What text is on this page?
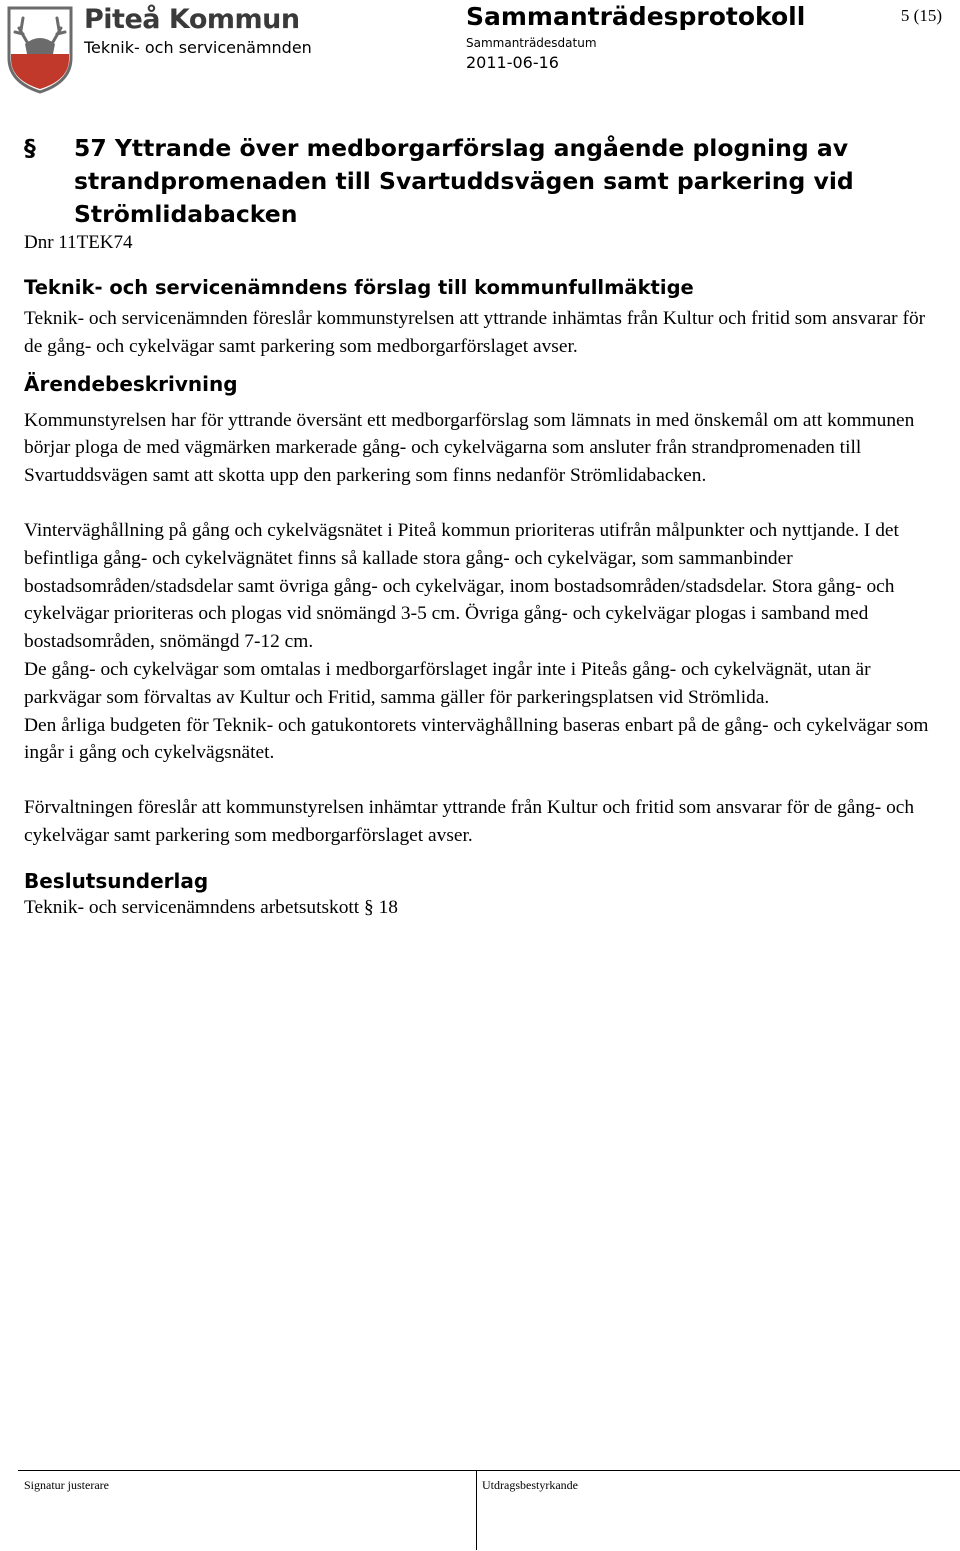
Piteå Kommun
Teknik- och servicenämnden
Sammanträdesprotokoll
Sammanträdesdatum
2011-06-16
5 (15)
§	57 Yttrande över medborgarförslag angående plogning av strandpromenaden till Svartuddsvägen samt parkering vid Strömlidabacken
Dnr 11TEK74
Teknik- och servicenämndens förslag till kommunfullmäktige

Teknik- och servicenämnden föreslår kommunstyrelsen att yttrande inhämtas från Kultur och fritid som ansvarar för de gång- och cykelvägar samt parkering som medborgarförslaget avser.

Ärendebeskrivning

Kommunstyrelsen har för yttrande översänt ett medborgarförslag som lämnats in med önskemål om att kommunen börjar ploga de med vägmärken markerade gång- och cykelvägarna som ansluter från strandpromenaden till Svartuddsvägen samt att skotta upp den parkering som finns nedanför Strömlidabacken.

Vinterväghållning på gång och cykelvägsnätet i Piteå kommun prioriteras utifrån målpunkter och nyttjande. I det befintliga gång- och cykelvägnätet finns så kallade stora gång- och cykelvägar, som sammanbinder bostadsområden/stadsdelar samt övriga gång- och cykelvägar, inom bostadsområden/stadsdelar. Stora gång- och cykelvägar prioriteras och plogas vid snömängd 3-5 cm. Övriga gång- och cykelvägar plogas i samband med bostadsområden, snömängd 7-12 cm.

De gång- och cykelvägar som omtalas i medborgarförslaget ingår inte i Piteås gång- och cykelvägnät, utan är parkvägar som förvaltas av Kultur och Fritid, samma gäller för parkeringsplatsen vid Strömlida.

Den årliga budgeten för Teknik- och gatukontorets vinterväghållning baseras enbart på de gång- och cykelvägar som ingår i gång och cykelvägsnätet.

Förvaltningen föreslår att kommunstyrelsen inhämtar yttrande från Kultur och fritid som ansvarar för de gång- och cykelvägar samt parkering som medborgarförslaget avser.

Beslutsunderlag

Teknik- och servicenämndens arbetsutskott § 18

Signatur justerare	Utdragsbestyrkande
